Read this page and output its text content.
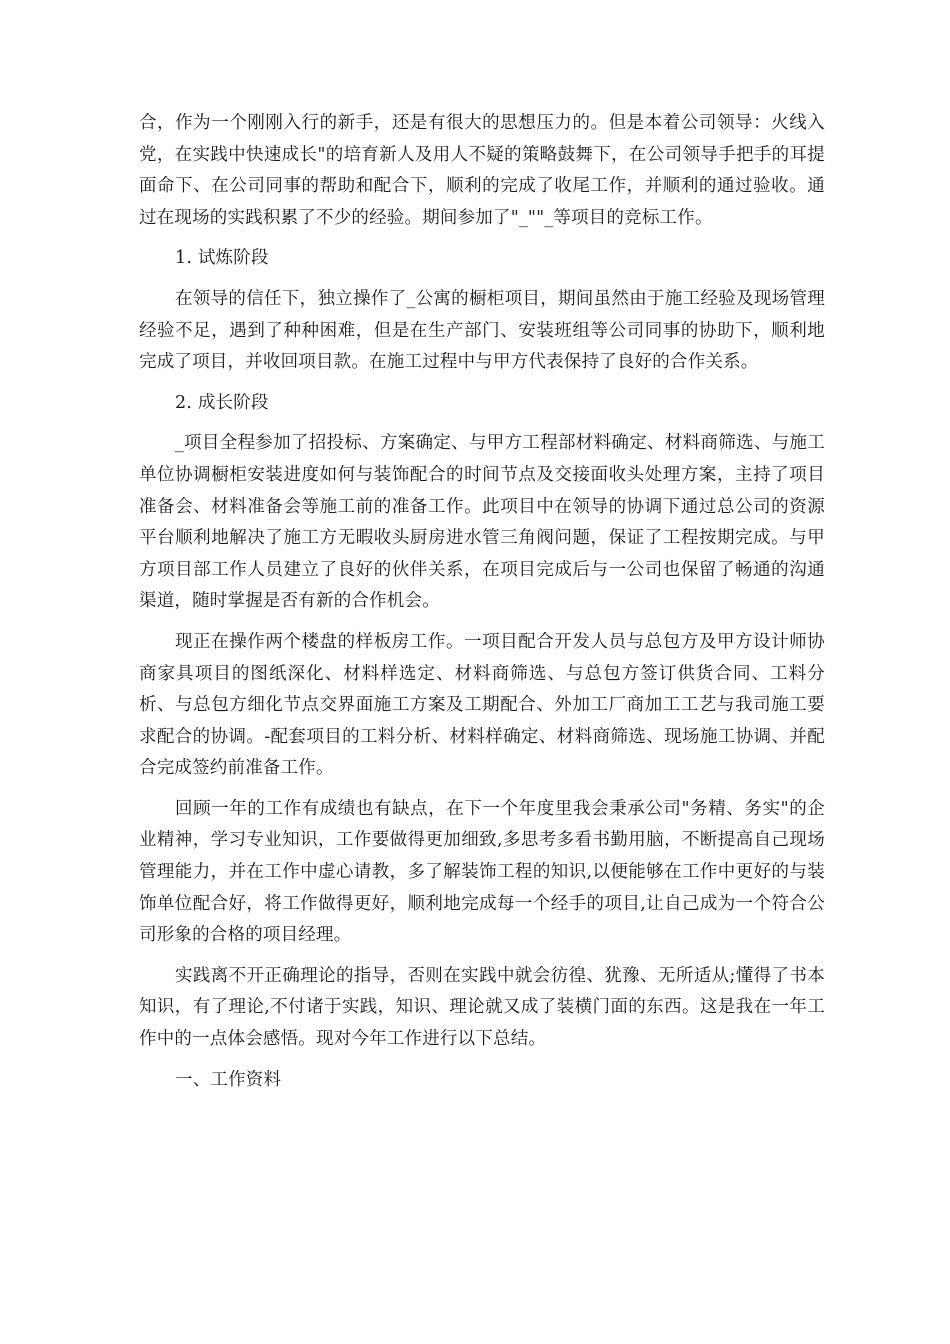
合，作为一个刚刚入行的新手，还是有很大的思想压力的。但是本着公司领导：火线入党，在实践中快速成长"的培育新人及用人不疑的策略鼓舞下，在公司领导手把手的耳提面命下、在公司同事的帮助和配合下，顺利的完成了收尾工作，并顺利的通过验收。通过在现场的实践积累了不少的经验。期间参加了"_""_等项目的竞标工作。

1. 试炼阶段

在领导的信任下，独立操作了_公寓的橱柜项目，期间虽然由于施工经验及现场管理经验不足，遇到了种种困难，但是在生产部门、安装班组等公司同事的协助下，顺利地完成了项目，并收回项目款。在施工过程中与甲方代表保持了良好的合作关系。

2. 成长阶段

_项目全程参加了招投标、方案确定、与甲方工程部材料确定、材料商筛选、与施工单位协调橱柜安装进度如何与装饰配合的时间节点及交接面收头处理方案，主持了项目准备会、材料准备会等施工前的准备工作。此项目中在领导的协调下通过总公司的资源平台顺利地解决了施工方无暇收头厨房进水管三角阀问题，保证了工程按期完成。与甲方项目部工作人员建立了良好的伙伴关系，在项目完成后与一公司也保留了畅通的沟通渠道，随时掌握是否有新的合作机会。

现正在操作两个楼盘的样板房工作。一项目配合开发人员与总包方及甲方设计师协商家具项目的图纸深化、材料样选定、材料商筛选、与总包方签订供货合同、工料分析、与总包方细化节点交界面施工方案及工期配合、外加工厂商加工工艺与我司施工要求配合的协调。-配套项目的工料分析、材料样确定、材料商筛选、现场施工协调、并配合完成签约前准备工作。

回顾一年的工作有成绩也有缺点，在下一个年度里我会秉承公司"务精、务实"的企业精神，学习专业知识，工作要做得更加细致,多思考多看书勤用脑，不断提高自己现场管理能力，并在工作中虚心请教，多了解装饰工程的知识,以便能够在工作中更好的与装饰单位配合好，将工作做得更好，顺利地完成每一个经手的项目,让自己成为一个符合公司形象的合格的项目经理。

实践离不开正确理论的指导，否则在实践中就会彷徨、犹豫、无所适从;懂得了书本知识，有了理论,不付诸于实践，知识、理论就又成了装横门面的东西。这是我在一年工作中的一点体会感悟。现对今年工作进行以下总结。

一、工作资料
